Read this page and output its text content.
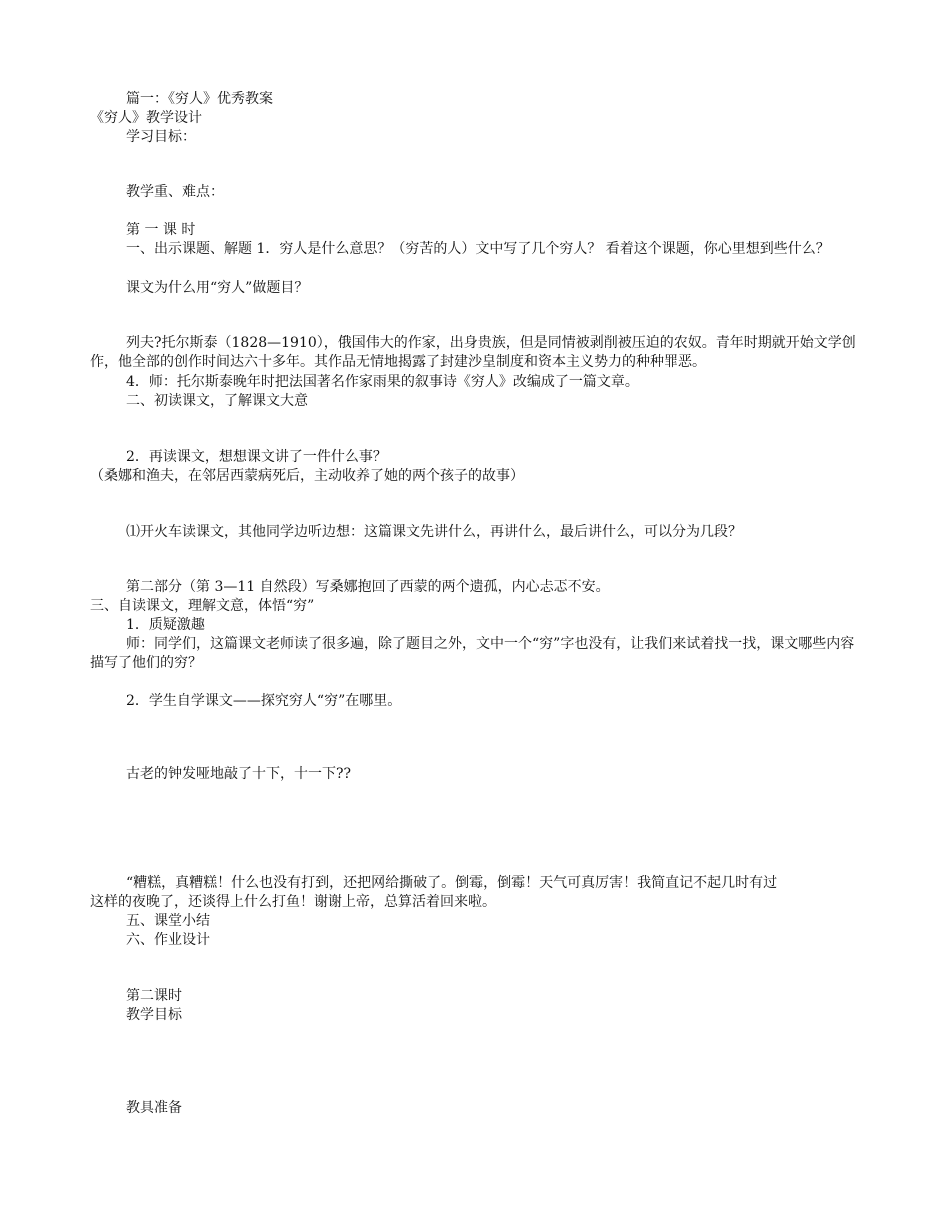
篇一：《穷人》优秀教案
《穷人》教学设计
学习目标：
教学重、难点：
第 一 课 时
一、出示课题、解题 1．穷人是什么意思？（穷苦的人）文中写了几个穷人？ 看着这个课题，你心里想到些什么？
课文为什么用“穷人”做题目？
列夫?托尔斯泰（1828—1910），俄国伟大的作家，出身贵族，但是同情被剥削被压迫的农奴。青年时期就开始文学创作，他全部的创作时间达六十多年。其作品无情地揭露了封建沙皇制度和资本主义势力的种种罪恶。
4．师：托尔斯泰晚年时把法国著名作家雨果的叙事诗《穷人》改编成了一篇文章。
二、初读课文，了解课文大意
2．再读课文，想想课文讲了一件什么事？
（桑娜和渔夫，在邻居西蒙病死后，主动收养了她的两个孩子的故事）
⑴开火车读课文，其他同学边听边想：这篇课文先讲什么，再讲什么，最后讲什么，可以分为几段？
第二部分（第 3—11 自然段）写桑娜抱回了西蒙的两个遗孤，内心忐忑不安。
三、自读课文，理解文意，体悟“穷”
1．质疑激趣
师：同学们，这篇课文老师读了很多遍，除了题目之外，文中一个“穷”字也没有，让我们来试着找一找，课文哪些内容描写了他们的穷？
2．学生自学课文——探究穷人“穷”在哪里。
古老的钟发哑地敲了十下，十一下??
“糟糕，真糟糕！什么也没有打到，还把网给撕破了。倒霉，倒霉！天气可真厉害！我简直记不起几时有过
这样的夜晚了，还谈得上什么打鱼！谢谢上帝，总算活着回来啦。
五、课堂小结
六、作业设计
第二课时
教学目标
教具准备
